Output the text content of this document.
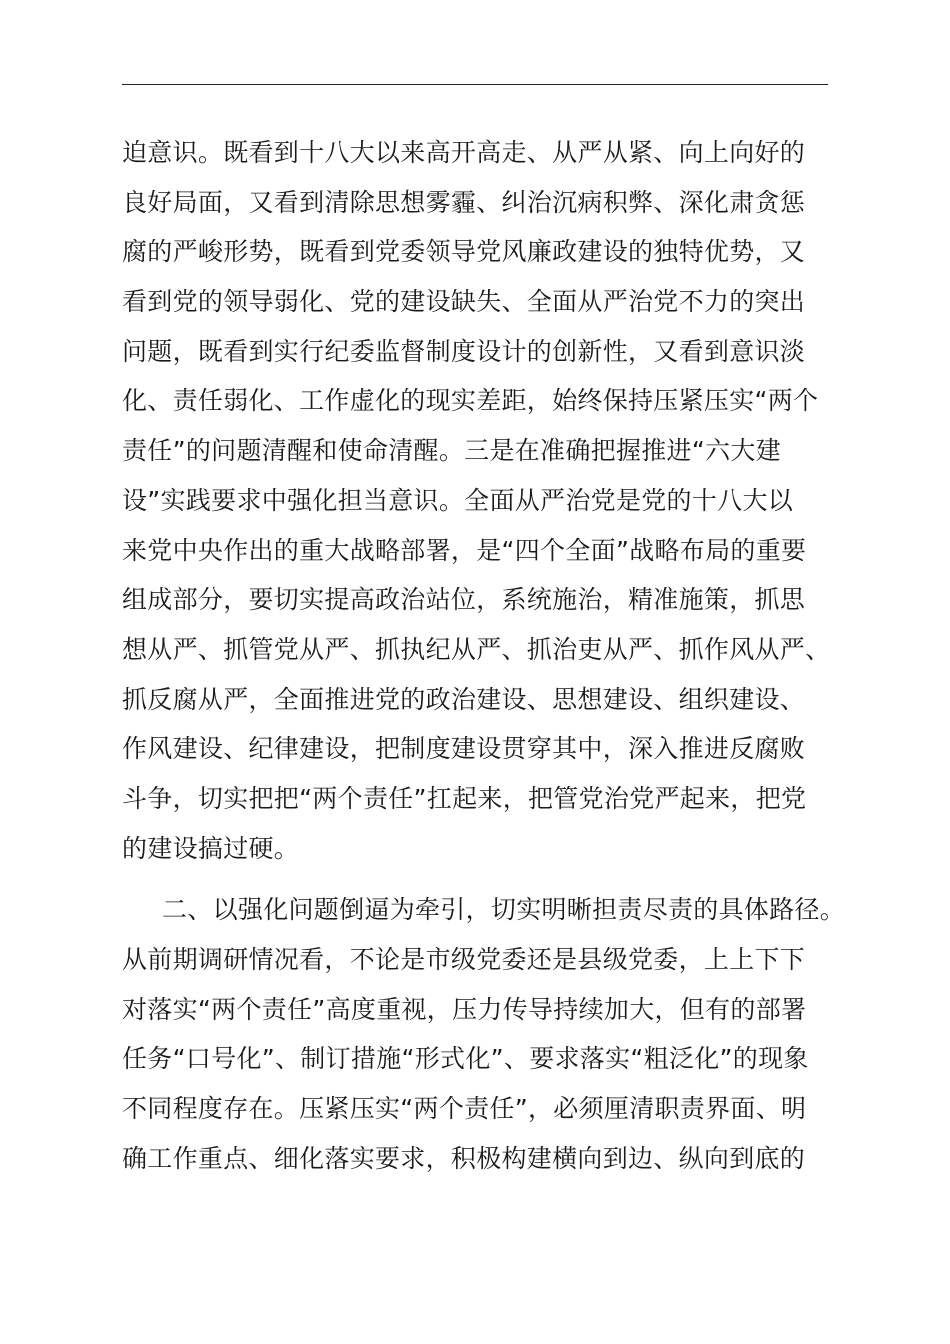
迫意识。既看到十八大以来高开高走、从严从紧、向上向好的
良好局面，又看到清除思想雾霾、纠治沉病积弊、深化肃贪惩
腐的严峻形势，既看到党委领导党风廉政建设的独特优势，又
看到党的领导弱化、党的建设缺失、全面从严治党不力的突出
问题，既看到实行纪委监督制度设计的创新性，又看到意识淡
化、责任弱化、工作虚化的现实差距，始终保持压紧压实“两个
责任”的问题清醒和使命清醒。三是在准确把握推进“六大建
设”实践要求中强化担当意识。全面从严治党是党的十八大以
来党中央作出的重大战略部署，是“四个全面”战略布局的重要
组成部分，要切实提高政治站位，系统施治，精准施策，抓思
想从严、抓管党从严、抓执纪从严、抓治吏从严、抓作风从严、
抓反腐从严，全面推进党的政治建设、思想建设、组织建设、
作风建设、纪律建设，把制度建设贯穿其中，深入推进反腐败
斗争，切实把把“两个责任”扛起来，把管党治党严起来，把党
的建设搞过硬。
二、以强化问题倒逼为牵引，切实明晰担责尽责的具体路径。
从前期调研情况看，不论是市级党委还是县级党委，上上下下
对落实“两个责任”高度重视，压力传导持续加大，但有的部署
任务“口号化”、制订措施“形式化”、要求落实“粗泛化”的现象
不同程度存在。压紧压实“两个责任”，必须厘清职责界面、明
确工作重点、细化落实要求，积极构建横向到边、纵向到底的
